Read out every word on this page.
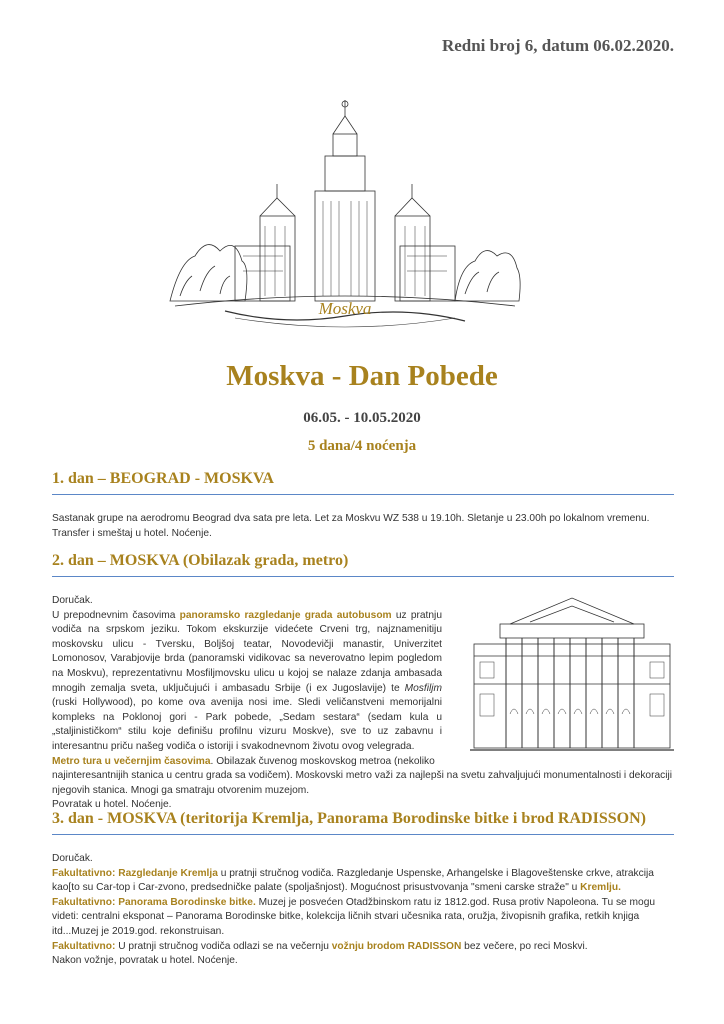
Redni broj 6, datum 06.02.2020.
Moskva
Moskva - Dan Pobede
06.05. - 10.05.2020
5 dana/4 noćenja
1. dan – BEOGRAD - MOSKVA

Sastanak grupe na aerodromu Beograd dva sata pre leta. Let za Moskvu WZ 538 u 19.10h. Sletanje u 23.00h po lokalnom vremenu.

Transfer i smeštaj u hotel. Noćenje.

2. dan – MOSKVA (Obilazak grada, metro)

Doručak.

U prepodnevnim časovima panoramsko razgledanje grada autobusom uz pratnju vodiča na srpskom jeziku. Tokom ekskurzije videćete Crveni trg, najznamenitiju moskovsku ulicu - Tversku, Boljšoj teatar, Novodevičji manastir, Univerzitet Lomonosov, Varabjovije brda (panoramski vidikovac sa neverovatno lepim pogledom na Moskvu), reprezentativnu Mosfiljmovsku ulicu u kojoj se nalaze zdanja ambasada mnogih zemalja sveta, uključujući i ambasadu Srbije (i ex Jugoslavije) te Mosfiljm (ruski Hollywood), po kome ova avenija nosi ime. Sledi veličanstveni memorijalni kompleks na Poklonoj gori - Park pobede, „Sedam sestara“ (sedam kula u „staljinističkom“ stilu koje definišu profilnu vizuru Moskve), sve to uz zabavnu i interesantnu priču našeg vodiča o istoriji i svakodnevnom životu ovog velegrada.

Metro tura u večernjim časovima. Obilazak čuvenog moskovskog metroa (nekoliko

najinteresantnijih stanica u centru grada sa vodičem). Moskovski metro važi za najlepši na svetu zahvaljujući monumentalnosti i dekoraciji njegovih stanica. Mnogi ga smatraju otvorenim muzejom.

Povratak u hotel. Noćenje.

3. dan - MOSKVA (teritorija Kremlja, Panorama Borodinske bitke i brod RADISSON)

Doručak.

Fakultativno: Razgledanje Kremlja u pratnji stručnog vodiča. Razgledanje Uspenske, Arhangelske i Blagoveštenske crkve, atrakcija kao[to su Car-top i Car-zvono, predsedničke palate (spoljašnjost). Mogućnost prisustvovanja "smeni carske straže" u Kremlju.

Fakultativno: Panorama Borodinske bitke. Muzej je posvećen Otadžbinskom ratu iz 1812.god. Rusa protiv Napoleona. Tu se mogu videti: centralni eksponat – Panorama Borodinske bitke, kolekcija ličnih stvari učesnika rata, oružja, živopisnih grafika, retkih knjiga itd...Muzej je 2019.god. rekonstruisan.

Fakultativno: U pratnji stručnog vodiča odlazi se na večernju vožnju brodom RADISSON bez večere, po reci Moskvi.

Nakon vožnje, povratak u hotel. Noćenje.
